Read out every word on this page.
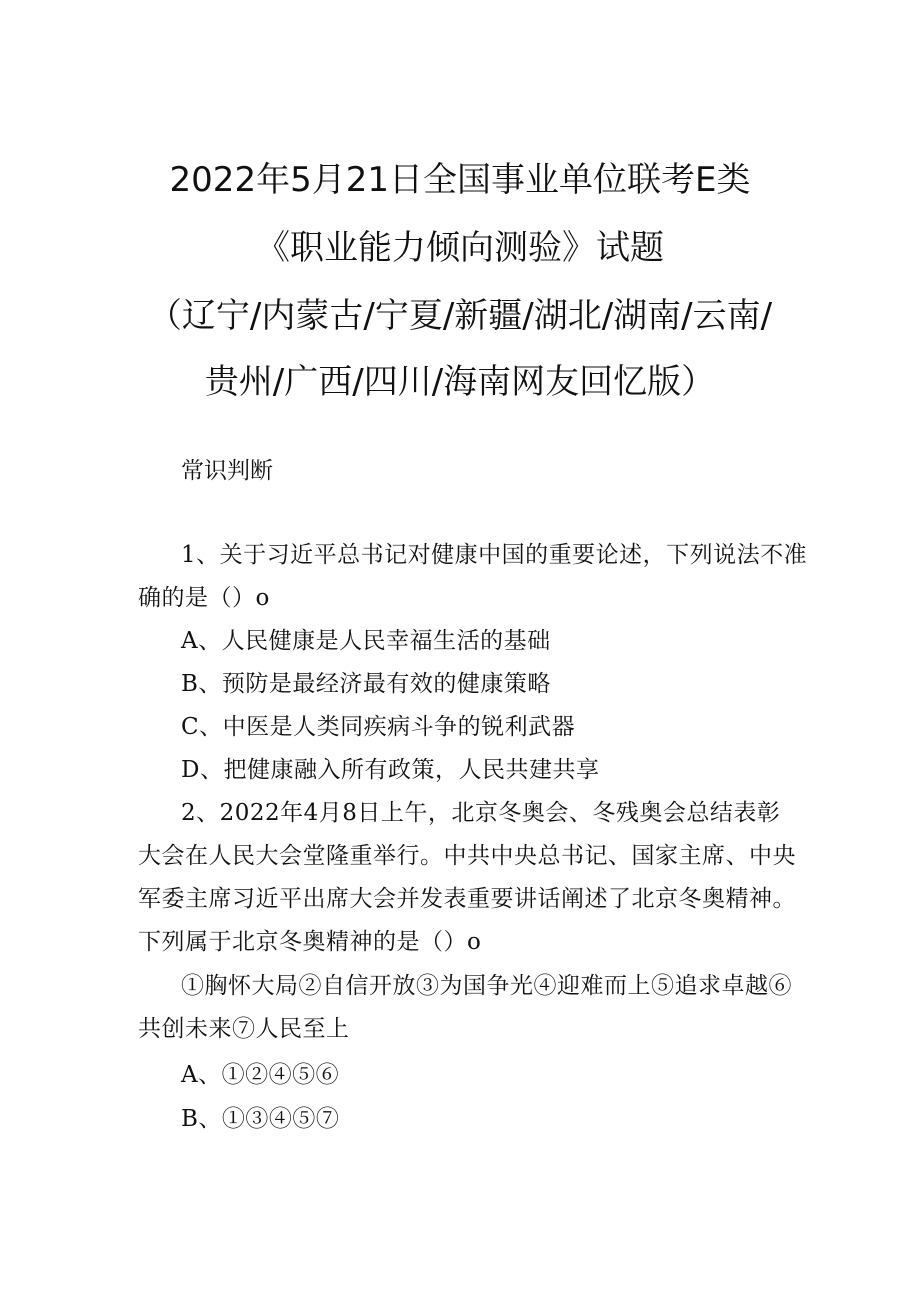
2022年5月21日全国事业单位联考E类
《职业能力倾向测验》试题
（辽宁/内蒙古/宁夏/新疆/湖北/湖南/云南/
贵州/广西/四川/海南网友回忆版）
常识判断
1、关于习近平总书记对健康中国的重要论述，下列说法不准
确的是（）o
A、人民健康是人民幸福生活的基础
B、预防是最经济最有效的健康策略
C、中医是人类同疾病斗争的锐利武器
D、把健康融入所有政策，人民共建共享
2、2022年4月8日上午，北京冬奥会、冬残奥会总结表彰
大会在人民大会堂隆重举行。中共中央总书记、国家主席、中央
军委主席习近平出席大会并发表重要讲话阐述了北京冬奥精神。
下列属于北京冬奥精神的是（）o
①胸怀大局②自信开放③为国争光④迎难而上⑤追求卓越⑥
共创未来⑦人民至上
A、①②④⑤⑥
B、①③④⑤⑦
